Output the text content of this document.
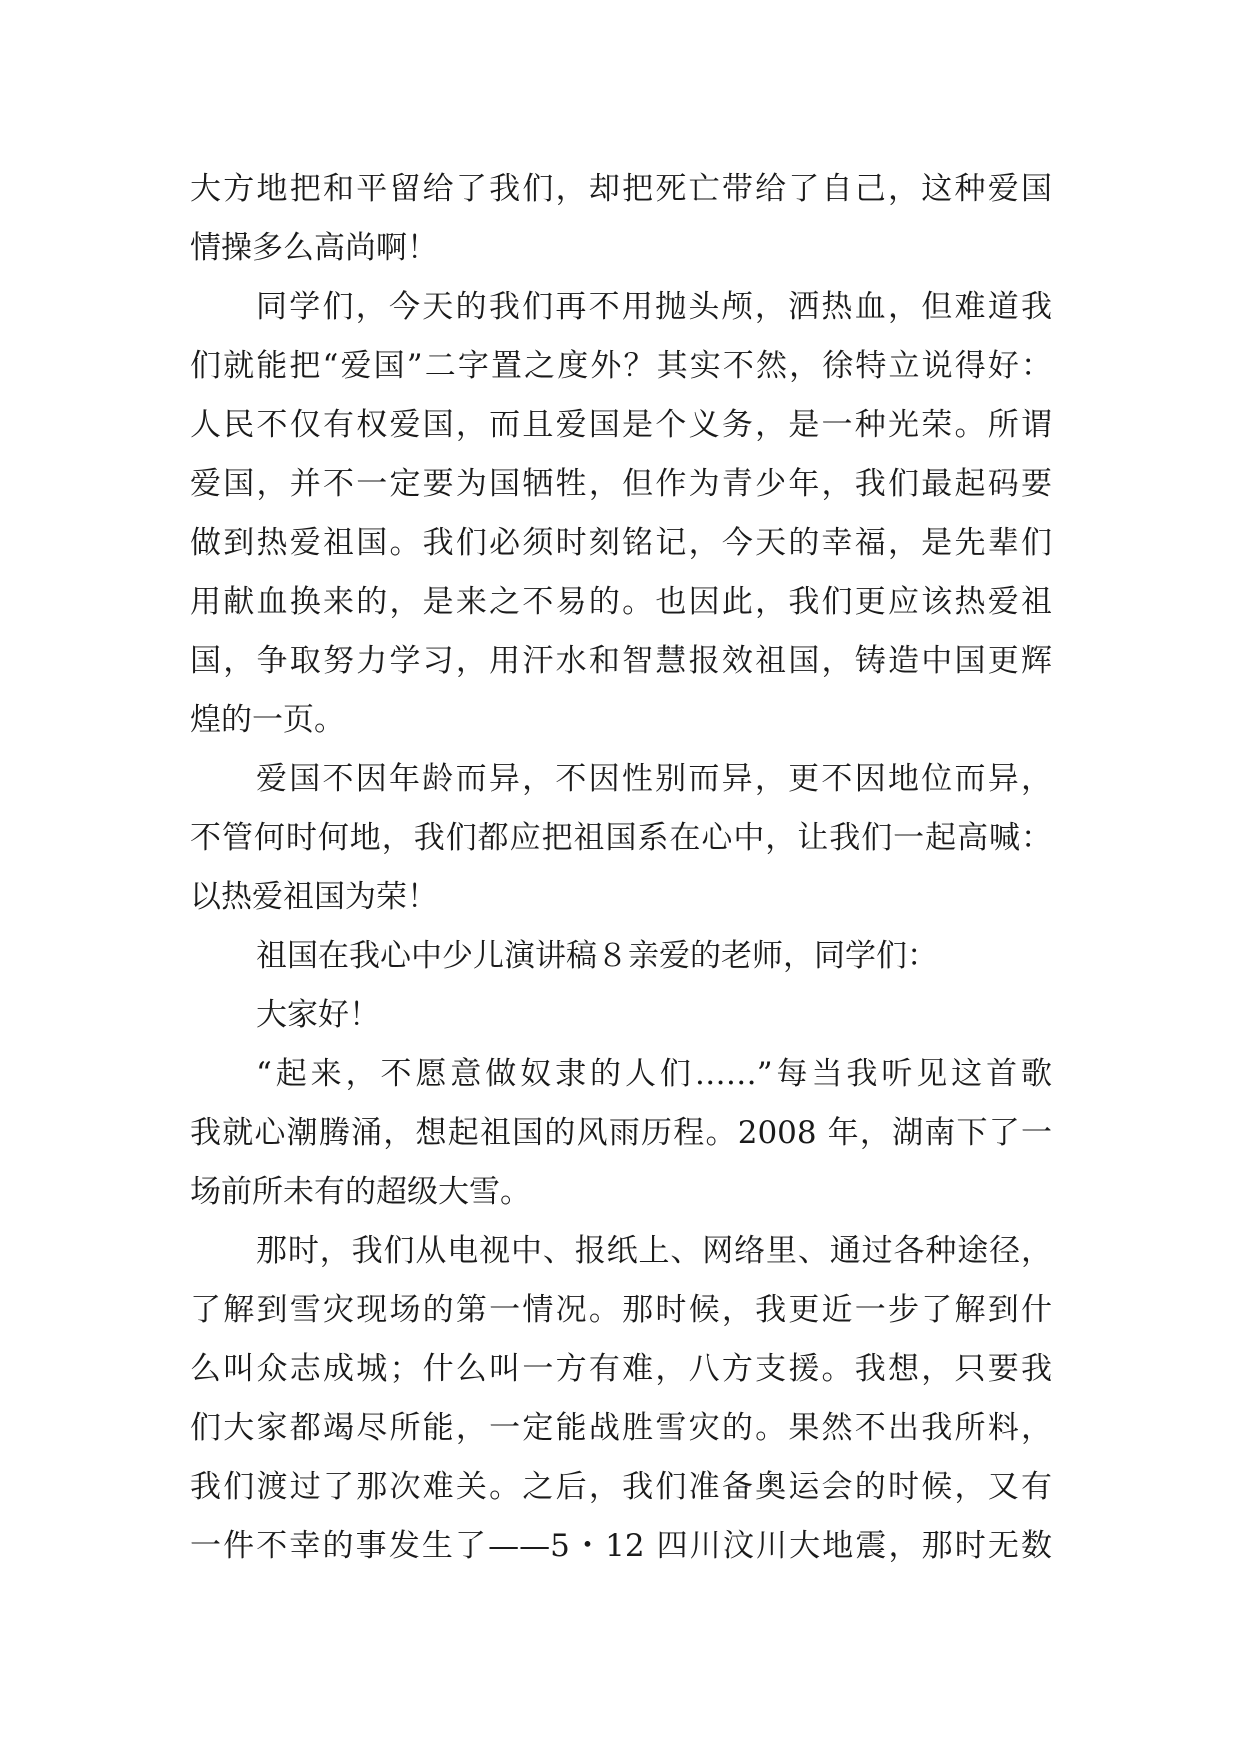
大方地把和平留给了我们，却把死亡带给了自己，这种爱国
情操多么高尚啊！
同学们，今天的我们再不用抛头颅，洒热血，但难道我
们就能把“爱国”二字置之度外？其实不然，徐特立说得好：
人民不仅有权爱国，而且爱国是个义务，是一种光荣。所谓
爱国，并不一定要为国牺牲，但作为青少年，我们最起码要
做到热爱祖国。我们必须时刻铭记，今天的幸福，是先辈们
用献血换来的，是来之不易的。也因此，我们更应该热爱祖
国，争取努力学习，用汗水和智慧报效祖国，铸造中国更辉
煌的一页。
爱国不因年龄而异，不因性别而异，更不因地位而异，
不管何时何地，我们都应把祖国系在心中，让我们一起高喊：
以热爱祖国为荣！
祖国在我心中少儿演讲稿８亲爱的老师，同学们：
大家好！
“起来，不愿意做奴隶的人们……”每当我听见这首歌
我就心潮腾涌，想起祖国的风雨历程。2008 年，湖南下了一
场前所未有的超级大雪。
那时，我们从电视中、报纸上、网络里、通过各种途径，
了解到雪灾现场的第一情况。那时候，我更近一步了解到什
么叫众志成城；什么叫一方有难，八方支援。我想，只要我
们大家都竭尽所能，一定能战胜雪灾的。果然不出我所料，
我们渡过了那次难关。之后，我们准备奥运会的时候，又有
一件不幸的事发生了——5・12 四川汶川大地震，那时无数
